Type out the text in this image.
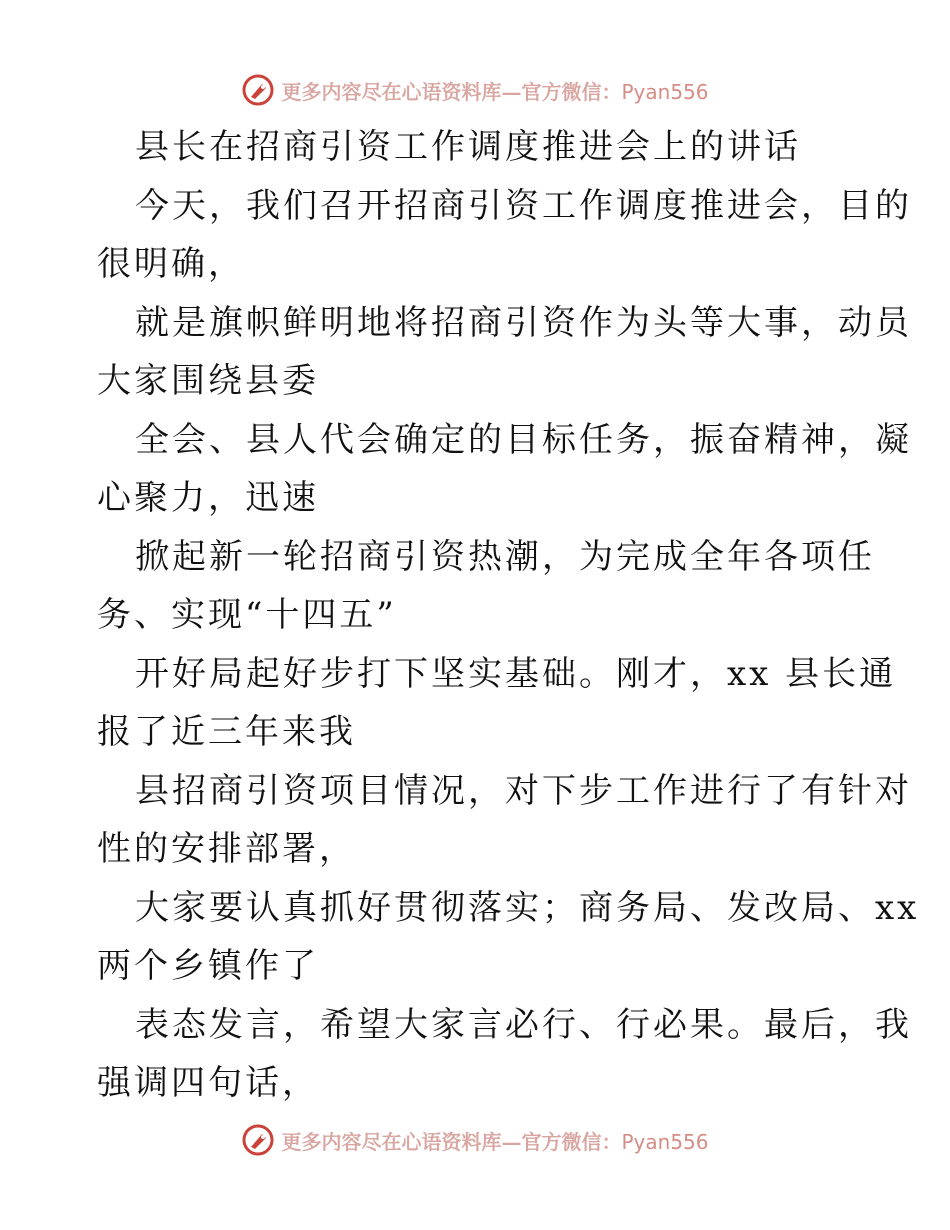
更多内容尽在心语资料库—官方微信：Pyan556
县长在招商引资工作调度推进会上的讲话
今天，我们召开招商引资工作调度推进会，目的
很明确，
就是旗帜鲜明地将招商引资作为头等大事，动员
大家围绕县委
全会、县人代会确定的目标任务，振奋精神，凝
心聚力，迅速
掀起新一轮招商引资热潮，为完成全年各项任
务、实现“十四五”
开好局起好步打下坚实基础。刚才，xx 县长通
报了近三年来我
县招商引资项目情况，对下步工作进行了有针对
性的安排部署，
大家要认真抓好贯彻落实；商务局、发改局、xx
两个乡镇作了
表态发言，希望大家言必行、行必果。最后，我
强调四句话，
更多内容尽在心语资料库—官方微信：Pyan556
